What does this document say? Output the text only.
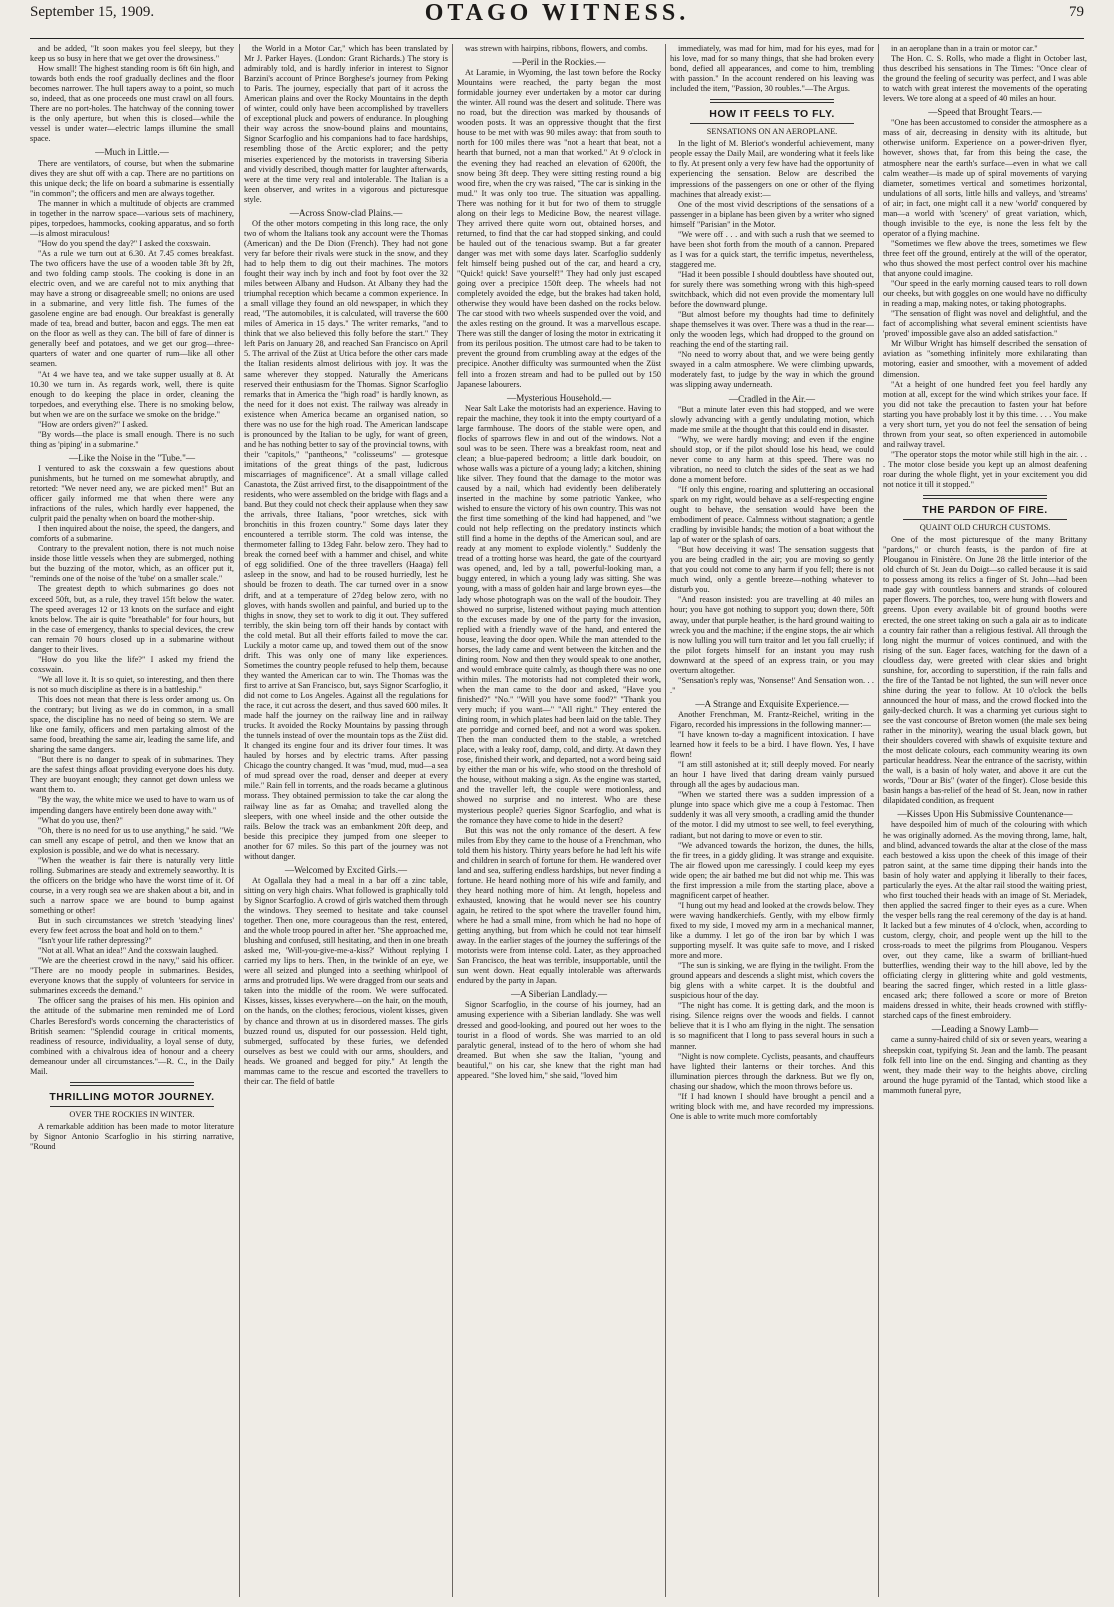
September 15, 1909.	OTAGO WITNESS.	79

and be added, "It soon makes you feel sleepy, but they keep us so busy in here that we get over the drowsiness."

How small! The highest standing room is 6ft 6in high, and towards both ends the roof gradually declines and the floor becomes narrower. The hull tapers away to a point, so much so, indeed, that as one proceeds one must crawl on all fours. There are no port-holes. The hatchway of the conning tower is the only aperture, but when this is closed—while the vessel is under water—electric lamps illumine the small space.

—Much in Little.—

There are ventilators, of course, but when the submarine dives they are shut off with a cap. There are no partitions on this unique deck; the life on board a submarine is essentially "in common"; the officers and men are always together.

The manner in which a multitude of objects are crammed in together in the narrow space—various sets of machinery, pipes, torpedoes, hammocks, cooking apparatus, and so forth—is almost miraculous!

"How do you spend the day?" I asked the coxswain.

"As a rule we turn out at 6.30. At 7.45 comes breakfast. The two officers have the use of a wooden table 3ft by 2ft, and two folding camp stools. The cooking is done in an electric oven, and we are careful not to mix anything that may have a strong or disagreeable smell; no onions are used in a submarine, and very little fish. The fumes of the gasolene engine are bad enough. Our breakfast is generally made of tea, bread and butter, bacon and eggs. The men eat on the floor as well as they can. The bill of fare of dinner is generally beef and potatoes, and we get our grog—three-quarters of water and one quarter of rum—like all other seamen.

"At 4 we have tea, and we take supper usually at 8. At 10.30 we turn in. As regards work, well, there is quite enough to do keeping the place in order, cleaning the torpedoes, and everything else. There is no smoking below, but when we are on the surface we smoke on the bridge."

"How are orders given?" I asked.

"By words—the place is small enough. There is no such thing as 'piping' in a submarine."

—Like the Noise in the "Tube."—

I ventured to ask the coxswain a few questions about punishments, but he turned on me somewhat abruptly, and retorted: "We never need any, we are picked men!" But an officer gaily informed me that when there were any infractions of the rules, which hardly ever happened, the culprit paid the penalty when on board the mother-ship.

I then inquired about the noise, the speed, the dangers, and comforts of a submarine.

Contrary to the prevalent notion, there is not much noise inside those little vessels when they are submerged, nothing but the buzzing of the motor, which, as an officer put it, "reminds one of the noise of the 'tube' on a smaller scale."

The greatest depth to which submarines go does not exceed 50ft, but, as a rule, they travel 15ft below the water. The speed averages 12 or 13 knots on the surface and eight knots below. The air is quite "breathable" for four hours, but in the case of emergency, thanks to special devices, the crew can remain 70 hours closed up in a submarine without danger to their lives.

"How do you like the life?" I asked my friend the coxswain.

"We all love it. It is so quiet, so interesting, and then there is not so much discipline as there is in a battleship."

This does not mean that there is less order among us. On the contrary; but living as we do in common, in a small space, the discipline has no need of being so stern. We are like one family, officers and men partaking almost of the same food, breathing the same air, leading the same life, and sharing the same dangers.

"But there is no danger to speak of in submarines. They are the safest things afloat providing everyone does his duty. They are buoyant enough; they cannot get down unless we want them to.

"By the way, the white mice we used to have to warn us of impending dangers have entirely been done away with."

"What do you use, then?"

"Oh, there is no need for us to use anything," he said. "We can smell any escape of petrol, and then we know that an explosion is possible, and we do what is necessary.

"When the weather is fair there is naturally very little rolling. Submarines are steady and extremely seaworthy. It is the officers on the bridge who have the worst time of it. Of course, in a very rough sea we are shaken about a bit, and in such a narrow space we are bound to bump against something or other!

But in such circumstances we stretch 'steadying lines' every few feet across the boat and hold on to them."

"Isn't your life rather depressing?"

"Not at all. What an idea!" And the coxswain laughed.

"We are the cheeriest crowd in the navy," said his officer. "There are no moody people in submarines. Besides, everyone knows that the supply of volunteers for service in submarines exceeds the demand."

The officer sang the praises of his men. His opinion and the attitude of the submarine men reminded me of Lord Charles Beresford's words concerning the characteristics of British seamen: "Splendid courage in critical moments, readiness of resource, individuality, a loyal sense of duty, combined with a chivalrous idea of honour and a cheery demeanour under all circumstances."—R. C., in the Daily Mail.

THRILLING MOTOR JOURNEY.

OVER THE ROCKIES IN WINTER.

A remarkable addition has been made to motor literature by Signor Antonio Scarfoglio in his stirring narrative, "Round

the World in a Motor Car," which has been translated by Mr J. Parker Hayes. (London: Grant Richards.) The story is admirably told, and is hardly inferior in interest to Signor Barzini's account of Prince Borghese's journey from Peking to Paris. The journey, especially that part of it across the American plains and over the Rocky Mountains in the depth of winter, could only have been accomplished by travellers of exceptional pluck and powers of endurance. In ploughing their way across the snow-bound plains and mountains, Signor Scarfoglio and his companions had to face hardships, resembling those of the Arctic explorer; and the petty miseries experienced by the motorists in traversing Siberia and vividly described, though matter for laughter afterwards, were at the time very real and intolerable. The Italian is a keen observer, and writes in a vigorous and picturesque style.

—Across Snow-clad Plains.—

Of the other motors competing in this long race, the only two of whom the Italians took any account were the Thomas (American) and the De Dion (French). They had not gone very far before their rivals were stuck in the snow, and they had to help them to dig out their machines. The motors fought their way inch by inch and foot by foot over the 32 miles between Albany and Hudson. At Albany they had the triumphal reception which became a common experience. In a small village they found an old newspaper, in which they read, "The automobiles, it is calculated, will traverse the 600 miles of America in 15 days." The writer remarks, "and to think that we also believed this folly before the start." They left Paris on January 28, and reached San Francisco on April 5. The arrival of the Züst at Utica before the other cars made the Italian residents almost delirious with joy. It was the same wherever they stopped. Naturally the Americans reserved their enthusiasm for the Thomas. Signor Scarfoglio remarks that in America the "high road" is hardly known, as the need for it does not exist. The railway was already in existence when America became an organised nation, so there was no use for the high road. The American landscape is pronounced by the Italian to be ugly, for want of green, and he has nothing better to say of the provincial towns, with their "capitols," "pantheons," "colisseums" — grotesque imitations of the great things of the past, ludicrous miscarriages of magnificence". At a small village called Canastota, the Züst arrived first, to the disappointment of the residents, who were assembled on the bridge with flags and a band. But they could not check their applause when they saw the arrivals, three Italians, "poor wretches, sick with bronchitis in this frozen country." Some days later they encountered a terrible storm. The cold was intense, the thermometer falling to 13deg Fahr. below zero. They had to break the corned beef with a hammer and chisel, and white of egg solidified. One of the three travellers (Haaga) fell asleep in the snow, and had to be roused hurriedly, lest he should be frozen to death. The car turned over in a snow drift, and at a temperature of 27deg below zero, with no gloves, with hands swollen and painful, and buried up to the thighs in snow, they set to work to dig it out. They suffered terribly, the skin being torn off their hands by contact with the cold metal. But all their efforts failed to move the car. Luckily a motor came up, and towed them out of the snow drift. This was only one of many like experiences. Sometimes the country people refused to help them, because they wanted the American car to win. The Thomas was the first to arrive at San Francisco, but, says Signor Scarfoglio, it did not come to Los Angeles. Against all the regulations for the race, it cut across the desert, and thus saved 600 miles. It made half the journey on the railway line and in railway trucks. It avoided the Rocky Mountains by passing through the tunnels instead of over the mountain tops as the Züst did. It changed its engine four and its driver four times. It was hauled by horses and by electric trams. After passing Chicago the country changed. It was "mud, mud, mud—a sea of mud spread over the road, denser and deeper at every mile." Rain fell in torrents, and the roads became a glutinous morass. They obtained permission to take the car along the railway line as far as Omaha; and travelled along the sleepers, with one wheel inside and the other outside the rails. Below the track was an embankment 20ft deep, and beside this precipice they jumped from one sleeper to another for 67 miles. So this part of the journey was not without danger.

—Welcomed by Excited Girls.—

At Ogallala they had a meal in a bar off a zinc table, sitting on very high chairs. What followed is graphically told by Signor Scarfoglio. A crowd of girls watched them through the windows. They seemed to hesitate and take counsel together. Then one, more courageous than the rest, entered, and the whole troop poured in after her. "She approached me, blushing and confused, still hesitating, and then in one breath asked me, 'Will-you-give-me-a-kiss?' Without replying I carried my lips to hers. Then, in the twinkle of an eye, we were all seized and plunged into a seething whirlpool of arms and protruded lips. We were dragged from our seats and taken into the middle of the room. We were suffocated. Kisses, kisses, kisses everywhere—on the hair, on the mouth, on the hands, on the clothes; ferocious, violent kisses, given by chance and thrown at us in disordered masses. The girls buzzed round us, disputed for our possession. Held tight, submerged, suffocated by these furies, we defended ourselves as best we could with our arms, shoulders, and heads. We groaned and begged for pity." At length the mammas came to the rescue and escorted the travellers to their car. The field of battle

was strewn with hairpins, ribbons, flowers, and combs.

—Peril in the Rockies.—

At Laramie, in Wyoming, the last town before the Rocky Mountains were reached, the party began the most formidable journey ever undertaken by a motor car during the winter. All round was the desert and solitude. There was no road, but the direction was marked by thousands of wooden posts. It was an oppressive thought that the first house to be met with was 90 miles away: that from south to north for 100 miles there was "not a heart that beat, not a hearth that burned, not a man that worked." At 9 o'clock in the evening they had reached an elevation of 6200ft, the snow being 3ft deep. They were sitting resting round a big wood fire, when the cry was raised, "The car is sinking in the mud." It was only too true. The situation was appalling. There was nothing for it but for two of them to struggle along on their legs to Medicine Bow, the nearest village. They arrived there quite worn out, obtained horses, and returned, to find that the car had stopped sinking, and could be hauled out of the tenacious swamp. But a far greater danger was met with some days later. Scarfoglio suddenly felt himself being pushed out of the car, and heard a cry, "Quick! quick! Save yourself!" They had only just escaped going over a precipice 150ft deep. The wheels had not completely avoided the edge, but the brakes had taken hold, otherwise they would have been dashed on the rocks below. The car stood with two wheels suspended over the void, and the axles resting on the ground. It was a marvellous escape. There was still the danger of losing the motor in extricating it from its perilous position. The utmost care had to be taken to prevent the ground from crumbling away at the edges of the precipice. Another difficulty was surmounted when the Züst fell into a frozen stream and had to be pulled out by 150 Japanese labourers.

—Mysterious Household.—

Near Salt Lake the motorists had an experience. Having to repair the machine, they took it into the empty courtyard of a large farmhouse. The doors of the stable were open, and flocks of sparrows flew in and out of the windows. Not a soul was to be seen. There was a breakfast room, neat and clean; a blue-papered bedroom; a little dark boudoir, on whose walls was a picture of a young lady; a kitchen, shining like silver. They found that the damage to the motor was caused by a nail, which had evidently been deliberately inserted in the machine by some patriotic Yankee, who wished to ensure the victory of his own country. This was not the first time something of the kind had happened, and "we could not help reflecting on the predatory instincts which still find a home in the depths of the American soul, and are ready at any moment to explode violently." Suddenly the tread of a trotting horse was heard, the gate of the courtyard was opened, and, led by a tall, powerful-looking man, a buggy entered, in which a young lady was sitting. She was young, with a mass of golden hair and large brown eyes—the lady whose photograph was on the wall of the boudoir. They showed no surprise, listened without paying much attention to the excuses made by one of the party for the invasion, replied with a friendly wave of the hand, and entered the house, leaving the door open. While the man attended to the horses, the lady came and went between the kitchen and the dining room. Now and then they would speak to one another, and would embrace quite calmly, as though there was no one within miles. The motorists had not completed their work, when the man came to the door and asked, "Have you finished?" "No." "Will you have some food?" "Thank you very much; if you want—" "All right." They entered the dining room, in which plates had been laid on the table. They ate porridge and corned beef, and not a word was spoken. Then the man conducted them to the stable, a wretched place, with a leaky roof, damp, cold, and dirty. At dawn they rose, finished their work, and departed, not a word being said by either the man or his wife, who stood on the threshold of the house, without making a sign. As the engine was started, and the traveller left, the couple were motionless, and showed no surprise and no interest. Who are these mysterious people? queries Signor Scarfoglio, and what is the romance they have come to hide in the desert?

But this was not the only romance of the desert. A few miles from Eby they came to the house of a Frenchman, who told them his history. Thirty years before he had left his wife and children in search of fortune for them. He wandered over land and sea, suffering endless hardships, but never finding a fortune. He heard nothing more of his wife and family, and they heard nothing more of him. At length, hopeless and exhausted, knowing that he would never see his country again, he retired to the spot where the traveller found him, where he had a small mine, from which he had no hope of getting anything, but from which he could not tear himself away. In the earlier stages of the journey the sufferings of the motorists were from intense cold. Later, as they approached San Francisco, the heat was terrible, insupportable, until the sun went down. Heat equally intolerable was afterwards endured by the party in Japan.

—A Siberian Landlady.—

Signor Scarfoglio, in the course of his journey, had an amusing experience with a Siberian landlady. She was well dressed and good-looking, and poured out her woes to the tourist in a flood of words. She was married to an old paralytic general, instead of to the hero of whom she had dreamed. But when she saw the Italian, "young and beautiful," on his car, she knew that the right man had appeared. "She loved him," she said, "loved him

immediately, was mad for him, mad for his eyes, mad for his love, mad for so many things, that she had broken every bond, defied all appearances, and come to him, trembling with passion." In the account rendered on his leaving was included the item, "Passion, 30 roubles."—The Argus.

HOW IT FEELS TO FLY.

SENSATIONS ON AN AEROPLANE.

In the light of M. Bleriot's wonderful achievement, many people essay the Daily Mail, are wondering what it feels like to fly. At present only a very few have had the opportunity of experiencing the sensation. Below are described the impressions of the passengers on one or other of the flying machines that already exist:—

One of the most vivid descriptions of the sensations of a passenger in a biplane has been given by a writer who signed himself "Parisian" in the Motor.

"We were off . . . and with such a rush that we seemed to have been shot forth from the mouth of a cannon. Prepared as I was for a quick start, the terrific impetus, nevertheless, staggered me.

"Had it been possible I should doubtless have shouted out, for surely there was something wrong with this high-speed switchback, which did not even provide the momentary lull before the downward plunge.

"But almost before my thoughts had time to definitely shape themselves it was over. There was a thud in the rear—only the wooden legs, which had dropped to the ground on reaching the end of the starting rail.

"No need to worry about that, and we were being gently swayed in a calm atmosphere. We were climbing upwards, moderately fast, to judge by the way in which the ground was slipping away underneath.

—Cradled in the Air.—

"But a minute later even this had stopped, and we were slowly advancing with a gently undulating motion, which made me smile at the thought that this could end in disaster.

"Why, we were hardly moving; and even if the engine should stop, or if the pilot should lose his head, we could never come to any harm at this speed. There was no vibration, no need to clutch the sides of the seat as we had done a moment before.

"If only this engine, roaring and spluttering an occasional spark on my right, would behave as a self-respecting engine ought to behave, the sensation would have been the embodiment of peace. Calmness without stagnation; a gentle cradling by invisible hands; the motion of a boat without the lap of water or the splash of oars.

"But how deceiving it was! The sensation suggests that you are being cradled in the air; you are moving so gently that you could not come to any harm if you fell; there is not much wind, only a gentle breeze—nothing whatever to disturb you.

"And reason insisted: you are travelling at 40 miles an hour; you have got nothing to support you; down there, 50ft away, under that purple heather, is the hard ground waiting to wreck you and the machine; if the engine stops, the air which is now lulling you will turn traitor and let you fall cruelly; if the pilot forgets himself for an instant you may rush downward at the speed of an express train, or you may overturn altogether.

"Sensation's reply was, 'Nonsense!' And Sensation won. . . ."

—A Strange and Exquisite Experience.—

Another Frenchman, M. Frantz-Reichel, writing in the Figaro, recorded his impressions in the following manner:—

"I have known to-day a magnificent intoxication. I have learned how it feels to be a bird. I have flown. Yes, I have flown!

"I am still astonished at it; still deeply moved. For nearly an hour I have lived that daring dream vainly pursued through all the ages by audacious man.

"When we started there was a sudden impression of a plunge into space which give me a coup à l'estomac. Then suddenly it was all very smooth, a cradling amid the thunder of the motor. I did my utmost to see well, to feel everything, radiant, but not daring to move or even to stir.

"We advanced towards the horizon, the dunes, the hills, the fir trees, in a giddy gliding. It was strange and exquisite. The air flowed upon me caressingly. I could keep my eyes wide open; the air bathed me but did not whip me. This was the first impression a mile from the starting place, above a magnificent carpet of heather.

"I hung out my head and looked at the crowds below. They were waving handkerchiefs. Gently, with my elbow firmly fixed to my side, I moved my arm in a mechanical manner, like a dummy. I let go of the iron bar by which I was supporting myself. It was quite safe to move, and I risked more and more.

"The sun is sinking, we are flying in the twilight. From the ground appears and descends a slight mist, which covers the big glens with a white carpet. It is the doubtful and suspicious hour of the day.

"The night has come. It is getting dark, and the moon is rising. Silence reigns over the woods and fields. I cannot believe that it is I who am flying in the night. The sensation is so magnificent that I long to pass several hours in such a manner.

"Night is now complete. Cyclists, peasants, and chauffeurs have lighted their lanterns or their torches. And this illumination pierces through the darkness. But we fly on, chasing our shadow, which the moon throws before us.

"If I had known I should have brought a pencil and a writing block with me, and have recorded my impressions. One is able to write much more comfortably

in an aeroplane than in a train or motor car."

The Hon. C. S. Rolls, who made a flight in October last, thus described his sensations in The Times: "Once clear of the ground the feeling of security was perfect, and I was able to watch with great interest the movements of the operating levers. We tore along at a speed of 40 miles an hour.

—Speed that Brought Tears.—

"One has been accustomed to consider the atmosphere as a mass of air, decreasing in density with its altitude, but otherwise uniform. Experience on a power-driven flyer, however, shows that, far from this being the case, the atmosphere near the earth's surface—even in what we call calm weather—is made up of spiral movements of varying diameter, sometimes vertical and sometimes horizontal, undulations of all sorts, little hills and valleys, and 'streams' of air; in fact, one might call it a new 'world' conquered by man—a world with 'scenery' of great variation, which, though invisible to the eye, is none the less felt by the operator of a flying machine.

"Sometimes we flew above the trees, sometimes we flew three feet off the ground, entirely at the will of the operator, who thus showed the most perfect control over his machine that anyone could imagine.

"Our speed in the early morning caused tears to roll down our cheeks, but with goggles on one would have no difficulty in reading a map, making notes, or taking photographs.

"The sensation of flight was novel and delightful, and the fact of accomplishing what several eminent scientists have 'proved' impossible gave also an added satisfaction."

Mr Wilbur Wright has himself described the sensation of aviation as "something infinitely more exhilarating than motoring, easier and smoother, with a movement of added dimension.

"At a height of one hundred feet you feel hardly any motion at all, except for the wind which strikes your face. If you did not take the precaution to fasten your hat before starting you have probably lost it by this time. . . . You make a very short turn, yet you do not feel the sensation of being thrown from your seat, so often experienced in automobile and railway travel.

"The operator stops the motor while still high in the air. . . . The motor close beside you kept up an almost deafening roar during the whole flight, yet in your excitement you did not notice it till it stopped."

THE PARDON OF FIRE.

QUAINT OLD CHURCH CUSTOMS.

One of the most picturesque of the many Brittany "pardons," or church feasts, is the pardon of fire at Plouganou in Finistère. On June 28 the little interior of the old church of St. Jean du Doigt—so called because it is said to possess among its relics a finger of St. John—had been made gay with countless banners and strands of coloured paper flowers. The porches, too, were hung with flowers and greens. Upon every available bit of ground booths were erected, the one street taking on such a gala air as to indicate a country fair rather than a religious festival. All through the long night the murmur of voices continued, and with the rising of the sun. Eager faces, watching for the dawn of a cloudless day, were greeted with clear skies and bright sunshine, for, according to superstition, if the rain falls and the fire of the Tantad be not lighted, the sun will never once shine during the year to follow. At 10 o'clock the bells announced the hour of mass, and the crowd flocked into the gaily-decked church. It was a charming yet curious sight to see the vast concourse of Breton women (the male sex being rather in the minority), wearing the usual black gown, but their shoulders covered with shawls of exquisite texture and the most delicate colours, each community wearing its own particular headdress. Near the entrance of the sacristy, within the wall, is a basin of holy water, and above it are cut the words, "Dour ar Bis" (water of the finger). Close beside this basin hangs a bas-relief of the head of St. Jean, now in rather dilapidated condition, as frequent

—Kisses Upon His Submissive Countenance—

have despoiled him of much of the colouring with which he was originally adorned. As the moving throng, lame, halt, and blind, advanced towards the altar at the close of the mass each bestowed a kiss upon the cheek of this image of their patron saint, at the same time dipping their hands into the basin of holy water and applying it liberally to their faces, particularly the eyes. At the altar rail stood the waiting priest, who first touched their heads with an image of St. Meriadek, then applied the sacred finger to their eyes as a cure. When the vesper bells rang the real ceremony of the day is at hand. It lacked but a few minutes of 4 o'clock, when, according to custom, clergy, choir, and people went up the hill to the cross-roads to meet the pilgrims from Plouganou. Vespers over, out they came, like a swarm of brilliant-hued butterflies, wending their way to the hill above, led by the officiating clergy in glittering white and gold vestments, bearing the sacred finger, which rested in a little glass-encased ark; there followed a score or more of Breton maidens dressed in white, their heads crowned with stiffly-starched caps of the finest embroidery.

—Leading a Snowy Lamb—

came a sunny-haired child of six or seven years, wearing a sheepskin coat, typifying St. Jean and the lamb. The peasant folk fell into line on the end. Singing and chanting as they went, they made their way to the heights above, circling around the huge pyramid of the Tantad, which stood like a mammoth funeral pyre,
